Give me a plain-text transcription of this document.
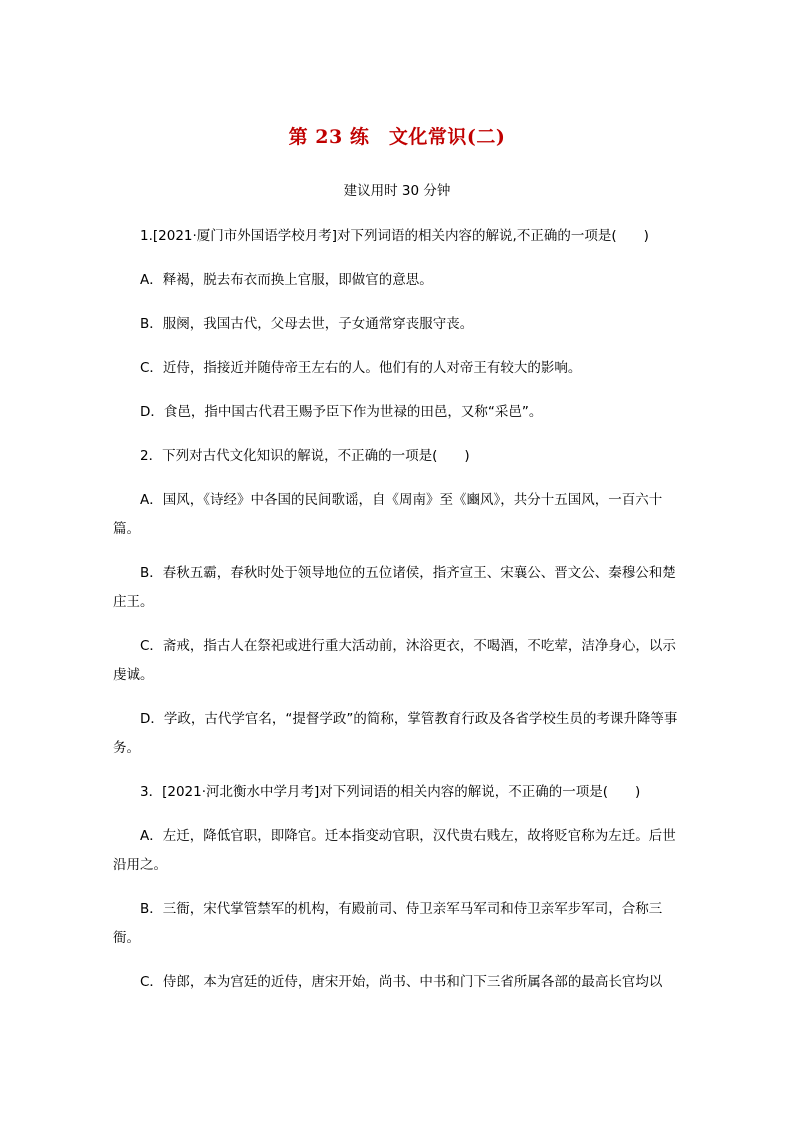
第 23 练　文化常识(二)
建议用时 30 分钟
1.[2021·厦门市外国语学校月考]对下列词语的相关内容的解说,不正确的一项是(　　)
A．释褐，脱去布衣而换上官服，即做官的意思。
B．服阕，我国古代，父母去世，子女通常穿丧服守丧。
C．近侍，指接近并随侍帝王左右的人。他们有的人对帝王有较大的影响。
D．食邑，指中国古代君王赐予臣下作为世禄的田邑，又称“采邑”。
2．下列对古代文化知识的解说，不正确的一项是(　　)
A．国风，《诗经》中各国的民间歌谣，自《周南》至《豳风》，共分十五国风，一百六十篇。
B．春秋五霸，春秋时处于领导地位的五位诸侯，指齐宣王、宋襄公、晋文公、秦穆公和楚庄王。
C．斋戒，指古人在祭祀或进行重大活动前，沐浴更衣，不喝酒，不吃荤，洁净身心，以示虔诚。
D．学政，古代学官名，“提督学政”的简称，掌管教育行政及各省学校生员的考课升降等事务。
3．[2021·河北衡水中学月考]对下列词语的相关内容的解说，不正确的一项是(　　)
A．左迁，降低官职，即降官。迁本指变动官职，汉代贵右贱左，故将贬官称为左迁。后世沿用之。
B．三衙，宋代掌管禁军的机构，有殿前司、侍卫亲军马军司和侍卫亲军步军司，合称三衙。
C．侍郎，本为宫廷的近侍，唐宋开始，尚书、中书和门下三省所属各部的最高长官均以
